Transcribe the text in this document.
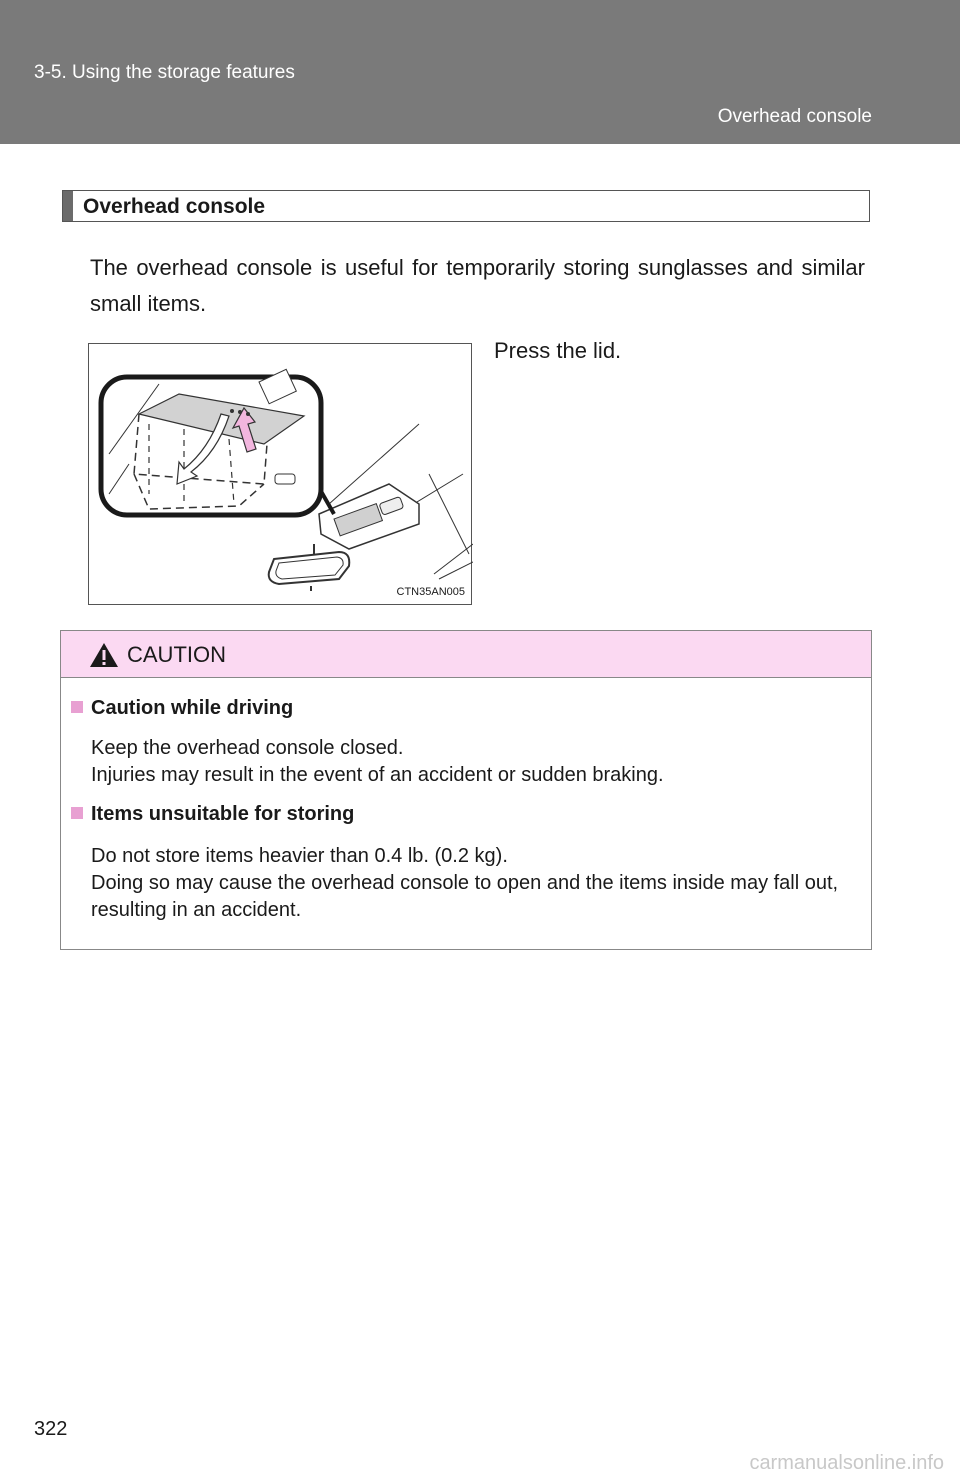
3-5. Using the storage features
Overhead console
Overhead console
The overhead console is useful for temporarily storing sunglasses and similar small items.
CTN35AN005
Press the lid.
CAUTION
Caution while driving
Keep the overhead console closed.
Injuries may result in the event of an accident or sudden braking.
Items unsuitable for storing
Do not store items heavier than 0.4 lb. (0.2 kg).
Doing so may cause the overhead console to open and the items inside may fall out, resulting in an accident.
322
carmanualsonline.info
